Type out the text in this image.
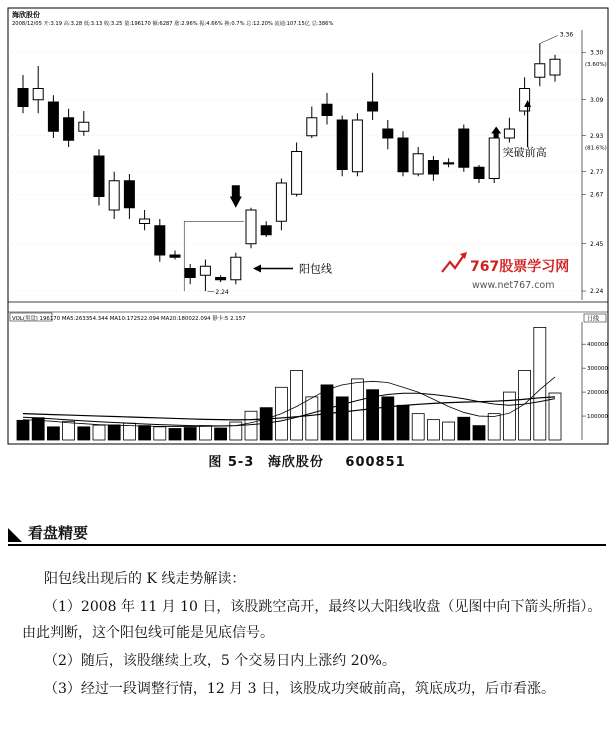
海欣股份
2008/12/05 开:3.19 高:3.28 低:3.13 收:3.25 量:196170 额:6287 涨:2.96% 振:4.66% 换:0.7% 总:12.20% 流通:107.15亿 总:386%
3.30
3.09
2.93
2.77
2.67
2.45
2.24
(3.60%)
(81.6%)
VOL(黑盘) 196170 MA5:263354.344 MA10:172522.094 MA20:180022.094 静卡:5 2.157	日线
400000
300000
200000
100000
3.36
2.24
阳包线
突破前高
767股票学习网
www.net767.com
图 5-3 海欣股份 600851
看盘精要

阳包线出现后的 K 线走势解读：

（1）2008 年 11 月 10 日，该股跳空高开，最终以大阳线收盘（见图中向下箭头所指）。由此判断，这个阳包线可能是见底信号。

（2）随后，该股继续上攻，5 个交易日内上涨约 20%。

（3）经过一段调整行情，12 月 3 日，该股成功突破前高，筑底成功，后市看涨。
